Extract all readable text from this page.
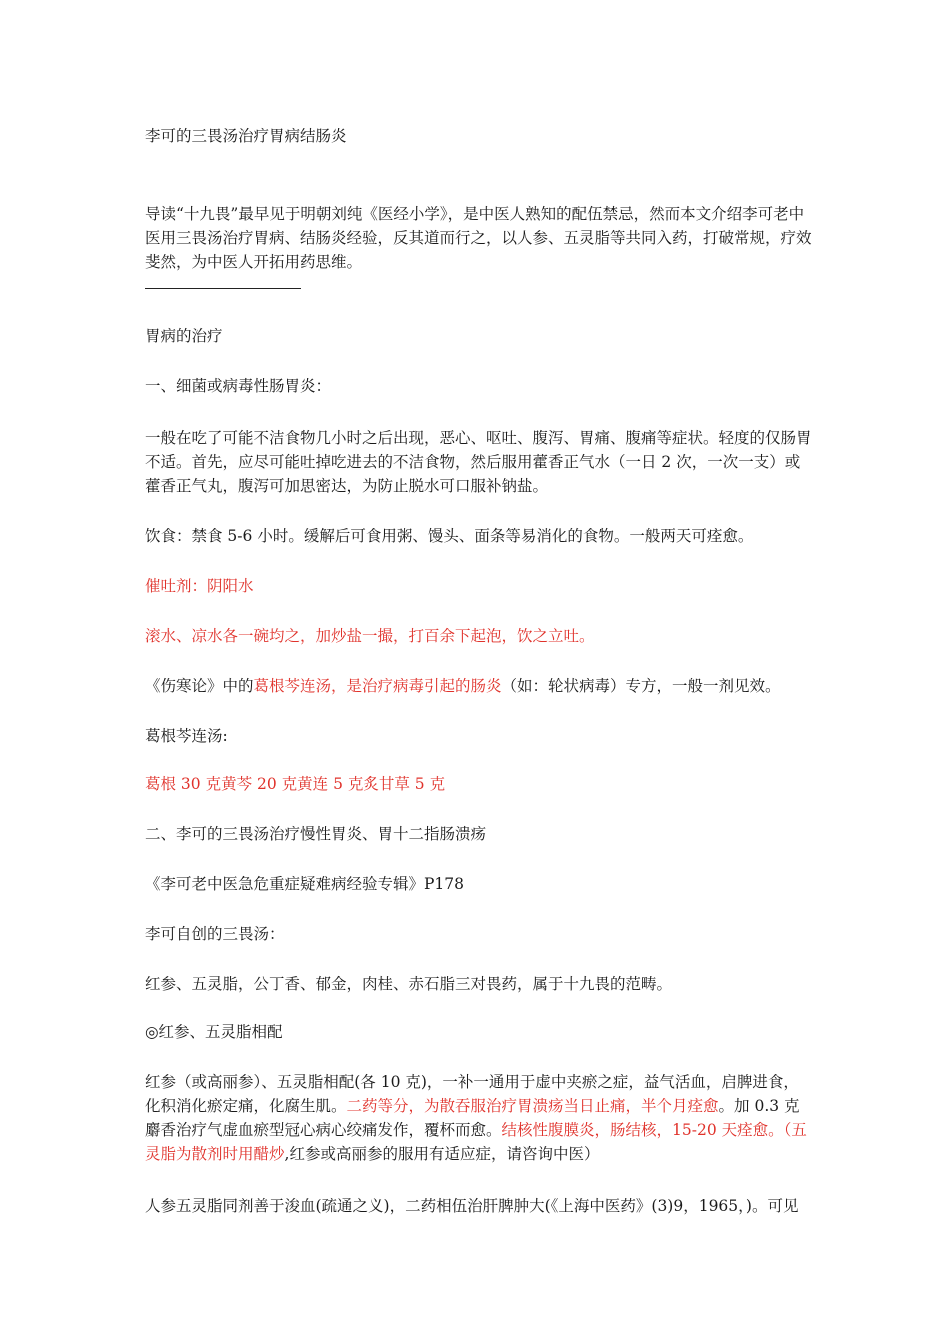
李可的三畏汤治疗胃病结肠炎

导读“十九畏”最早见于明朝刘纯《医经小学》，是中医人熟知的配伍禁忌，然而本文介绍李可老中医用三畏汤治疗胃病、结肠炎经验，反其道而行之，以人参、五灵脂等共同入药，打破常规，疗效斐然，为中医人开拓用药思维。

胃病的治疗

一、细菌或病毒性肠胃炎：

一般在吃了可能不洁食物几小时之后出现，恶心、呕吐、腹泻、胃痛、腹痛等症状。轻度的仅肠胃不适。首先，应尽可能吐掉吃进去的不洁食物，然后服用藿香正气水（一日 2 次，一次一支）或藿香正气丸，腹泻可加思密达，为防止脱水可口服补钠盐。

饮食：禁食 5-6 小时。缓解后可食用粥、馒头、面条等易消化的食物。一般两天可痊愈。

催吐剂：阴阳水

滚水、凉水各一碗均之，加炒盐一撮，打百余下起泡，饮之立吐。

《伤寒论》中的葛根芩连汤，是治疗病毒引起的肠炎（如：轮状病毒）专方，一般一剂见效。

葛根芩连汤:

葛根 30 克黄芩 20 克黄连 5 克炙甘草 5 克

二、李可的三畏汤治疗慢性胃炎、胃十二指肠溃疡

《李可老中医急危重症疑难病经验专辑》P178

李可自创的三畏汤：

红参、五灵脂，公丁香、郁金，肉桂、赤石脂三对畏药，属于十九畏的范畴。

◎红参、五灵脂相配

红参（或高丽参）、五灵脂相配(各 10 克)，一补一通用于虚中夹瘀之症，益气活血，启脾进食，化积消化瘀定痛，化腐生肌。二药等分，为散吞服治疗胃溃疡当日止痛，半个月痊愈。加 0.3 克麝香治疗气虚血瘀型冠心病心绞痛发作，覆杯而愈。结核性腹膜炎，肠结核，15-20 天痊愈。（五灵脂为散剂时用醋炒,红参或高丽参的服用有适应症，请咨询中医）

人参五灵脂同剂善于浚血(疏通之义)，二药相伍治肝脾肿大(《上海中医药》(3)9，1965，)。可见
